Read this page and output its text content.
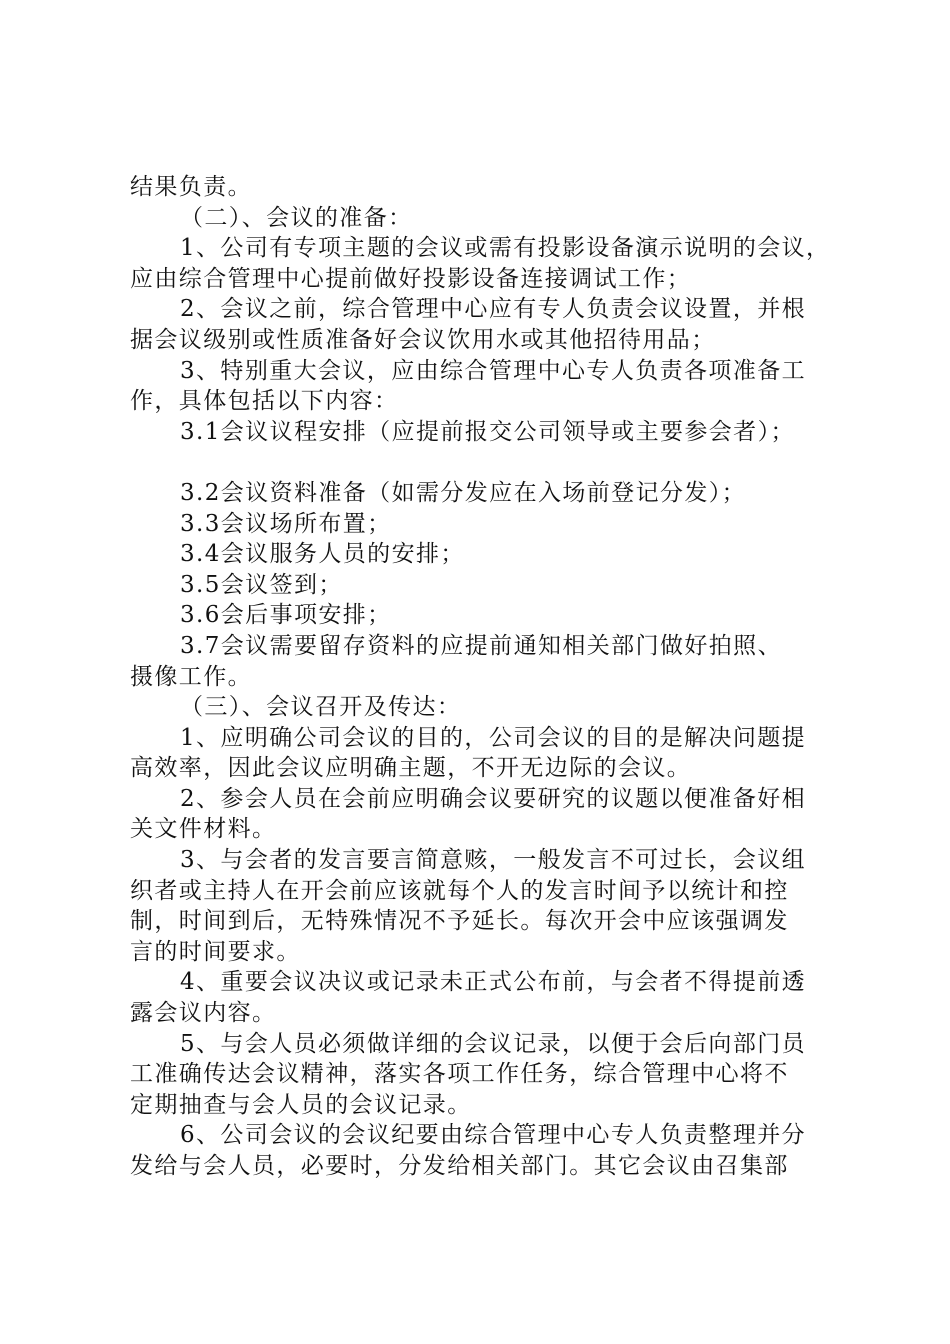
结果负责。
（二）、会议的准备：
1、公司有专项主题的会议或需有投影设备演示说明的会议，
应由综合管理中心提前做好投影设备连接调试工作；
2、会议之前，综合管理中心应有专人负责会议设置，并根
据会议级别或性质准备好会议饮用水或其他招待用品；
3、特别重大会议，应由综合管理中心专人负责各项准备工
作，具体包括以下内容：
3.1会议议程安排（应提前报交公司领导或主要参会者）；
3.2会议资料准备（如需分发应在入场前登记分发）；
3.3会议场所布置；
3.4会议服务人员的安排；
3.5会议签到；
3.6会后事项安排；
3.7会议需要留存资料的应提前通知相关部门做好拍照、
摄像工作。
（三）、会议召开及传达：
1、应明确公司会议的目的，公司会议的目的是解决问题提
高效率，因此会议应明确主题，不开无边际的会议。
2、参会人员在会前应明确会议要研究的议题以便准备好相
关文件材料。
3、与会者的发言要言简意赅，一般发言不可过长，会议组
织者或主持人在开会前应该就每个人的发言时间予以统计和控
制，时间到后，无特殊情况不予延长。每次开会中应该强调发
言的时间要求。
4、重要会议决议或记录未正式公布前，与会者不得提前透
露会议内容。
5、与会人员必须做详细的会议记录，以便于会后向部门员
工准确传达会议精神，落实各项工作任务，综合管理中心将不
定期抽查与会人员的会议记录。
6、公司会议的会议纪要由综合管理中心专人负责整理并分
发给与会人员，必要时，分发给相关部门。其它会议由召集部
